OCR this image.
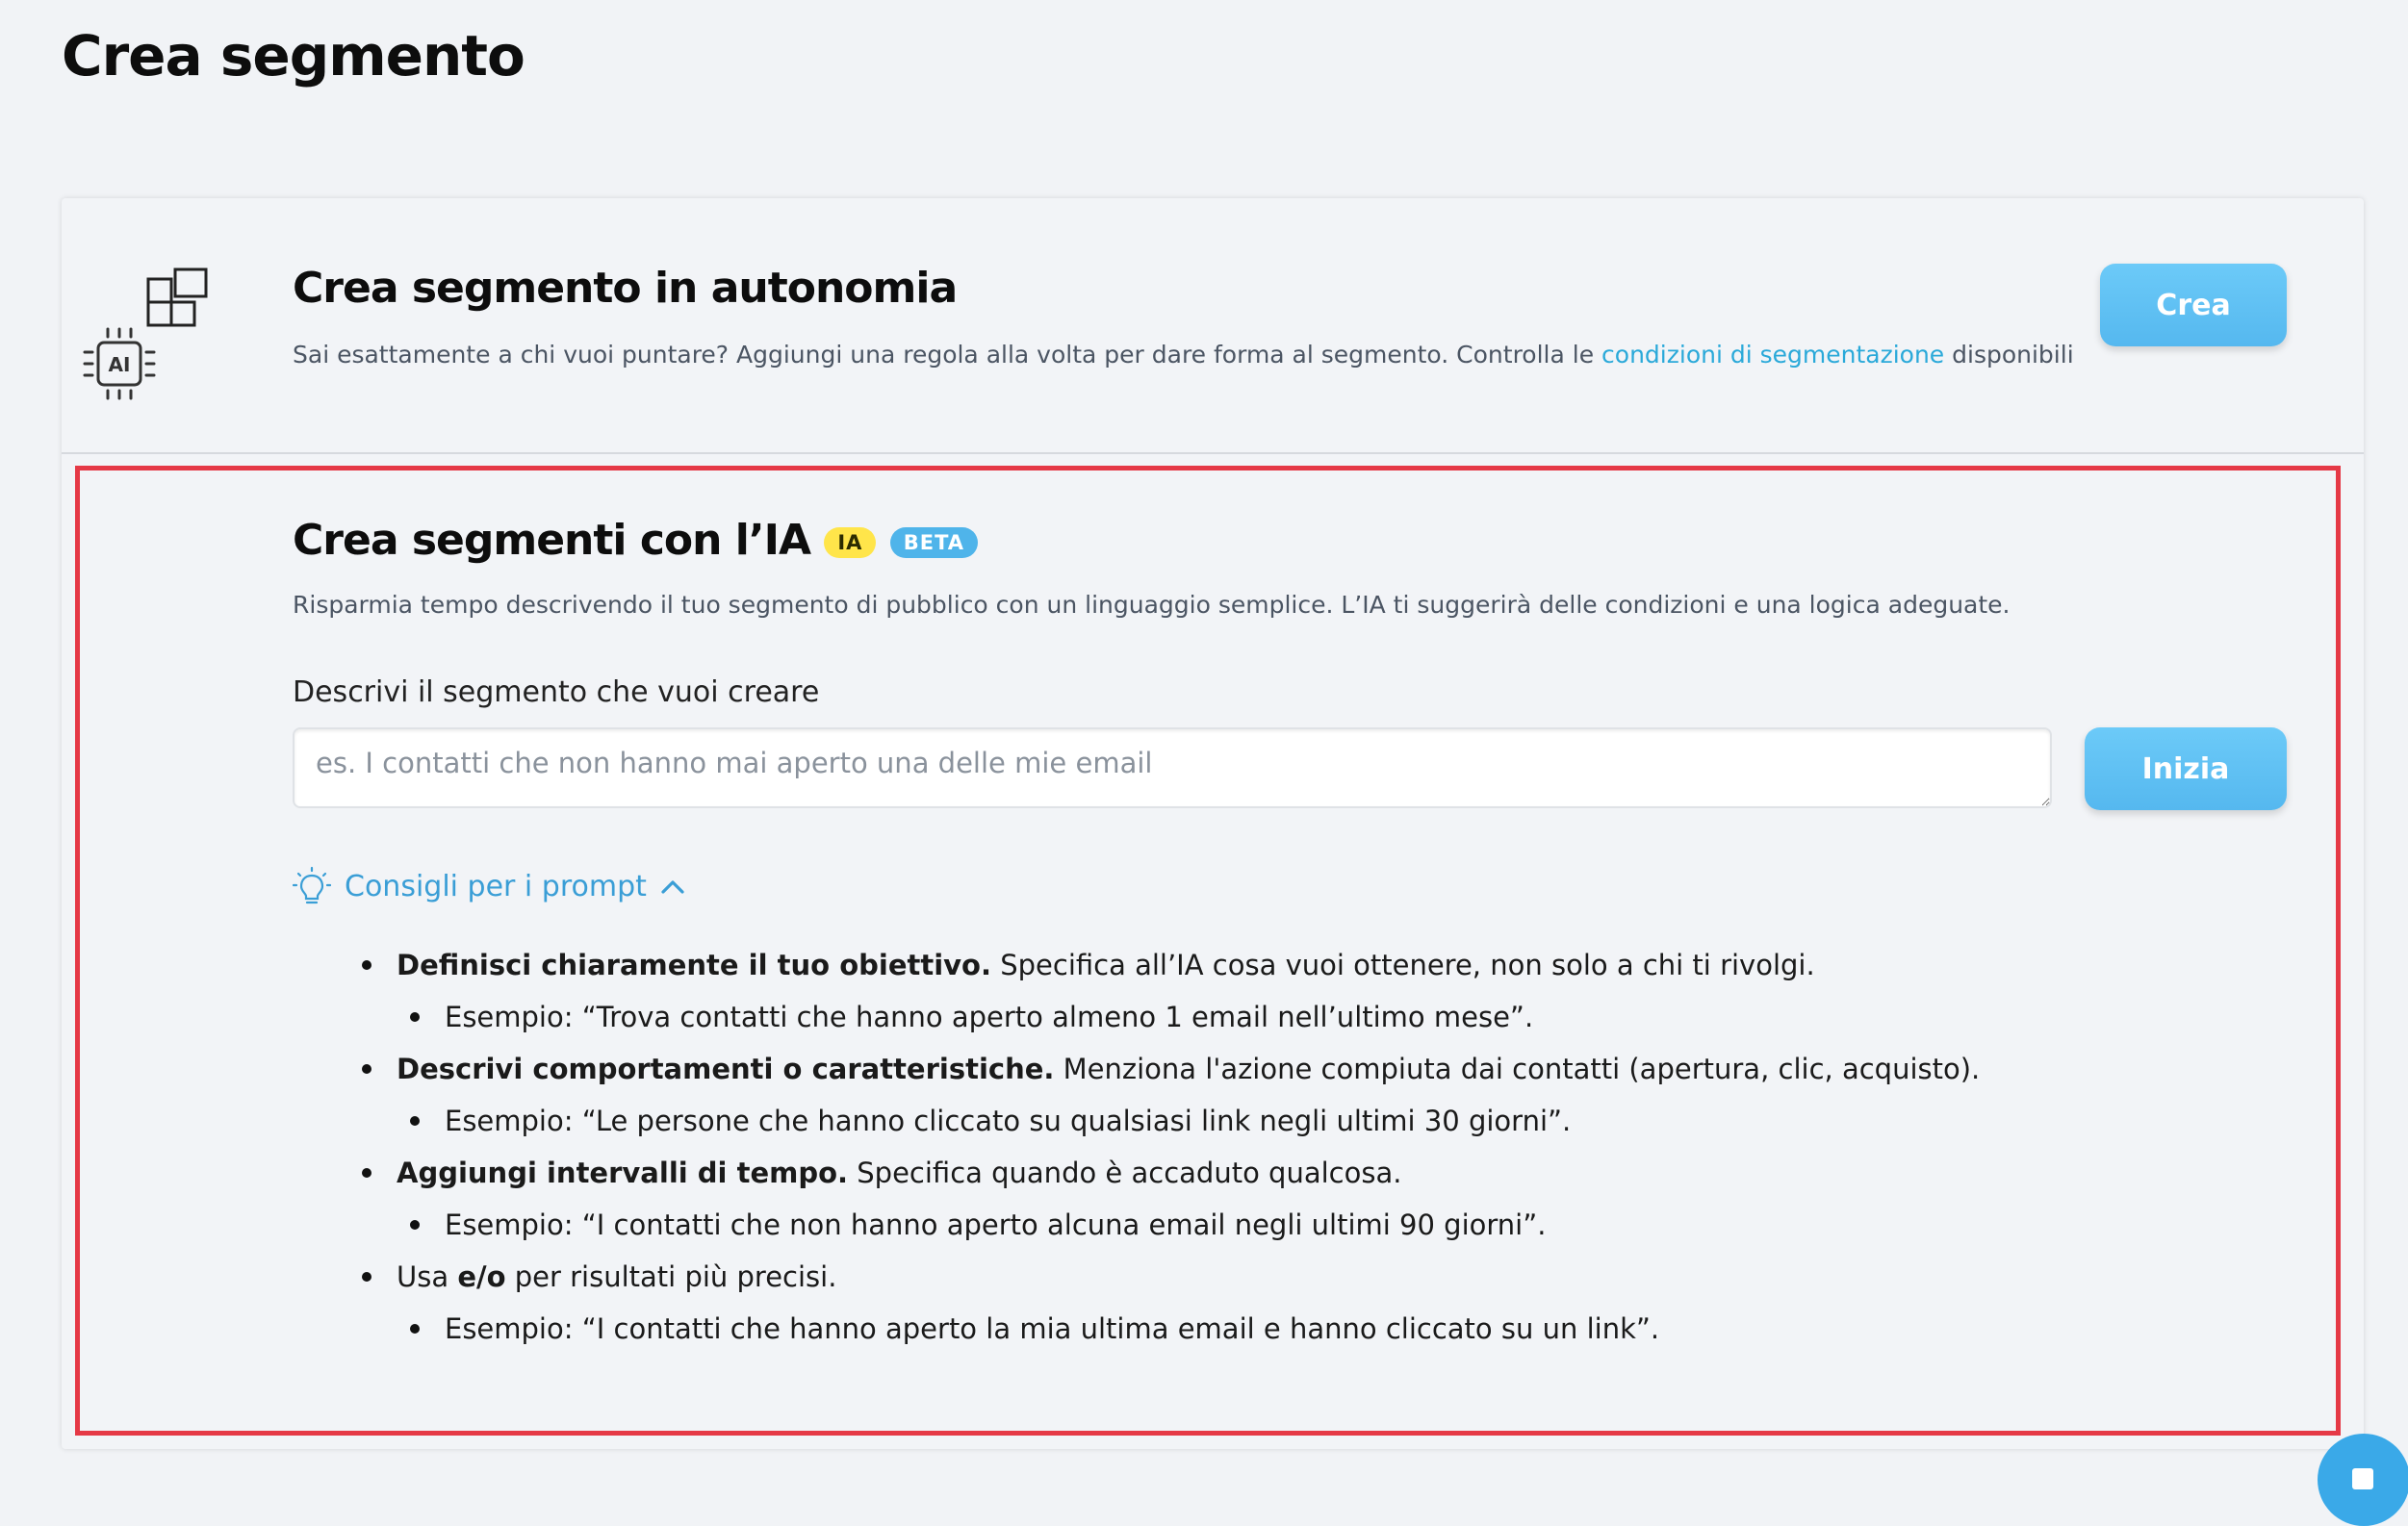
Crea segmento
Crea segmento in autonomia
Sai esattamente a chi vuoi puntare? Aggiungi una regola alla volta per dare forma al segmento. Controlla le condizioni di segmentazione disponibili
Crea
AI
Crea segmenti con l’IA IA BETA
Risparmia tempo descrivendo il tuo segmento di pubblico con un linguaggio semplice. L’IA ti suggerirà delle condizioni e una logica adeguate.
Descrivi il segmento che vuoi creare
es. I contatti che non hanno mai aperto una delle mie email
Inizia
Consigli per i prompt
Definisci chiaramente il tuo obiettivo. Specifica all’IA cosa vuoi ottenere, non solo a chi ti rivolgi.
Esempio: “Trova contatti che hanno aperto almeno 1 email nell’ultimo mese”.
Descrivi comportamenti o caratteristiche. Menziona l'azione compiuta dai contatti (apertura, clic, acquisto).
Esempio: “Le persone che hanno cliccato su qualsiasi link negli ultimi 30 giorni”.
Aggiungi intervalli di tempo. Specifica quando è accaduto qualcosa.
Esempio: “I contatti che non hanno aperto alcuna email negli ultimi 90 giorni”.
Usa e/o per risultati più precisi.
Esempio: “I contatti che hanno aperto la mia ultima email e hanno cliccato su un link”.
